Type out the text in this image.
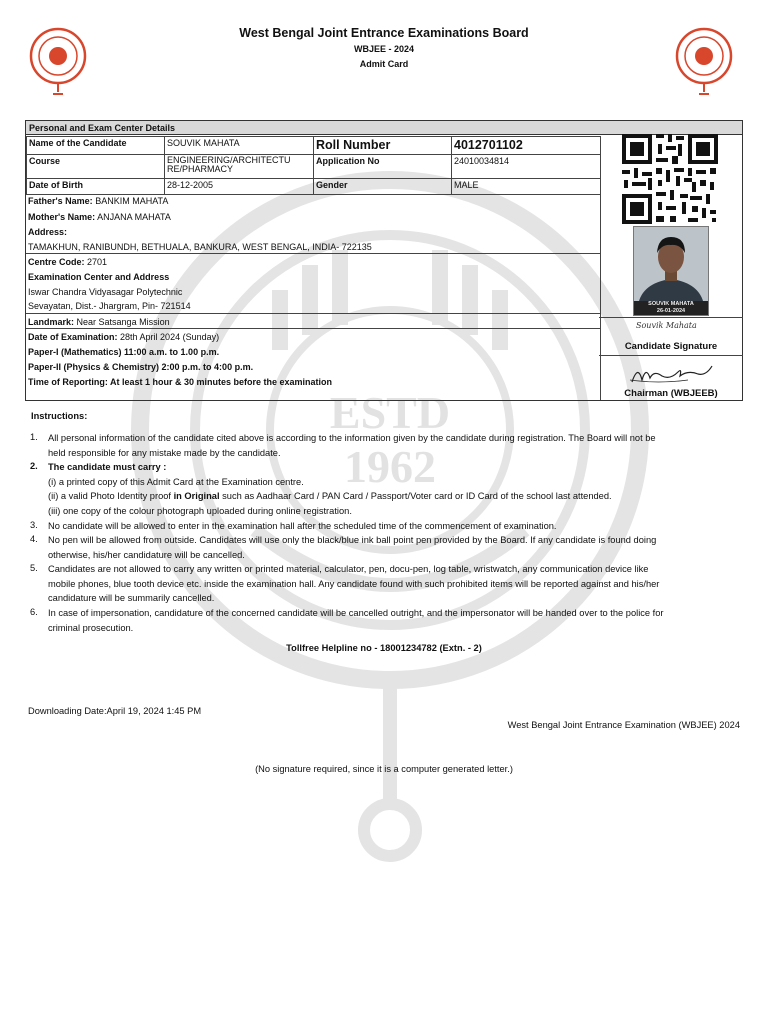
ESTD
1962
West Bengal Joint Entrance Examinations Board
WBJEE - 2024
Admit Card
Personal and Exam Center Details
Name of the Candidate	SOUVIK MAHATA	Roll Number	4012701102
Course	ENGINEERING/ARCHITECTU RE/PHARMACY	Application No	24010034814
Date of Birth	28-12-2005	Gender	MALE
Father's Name: BANKIM MAHATA
Mother's Name: ANJANA MAHATA
Address:
TAMAKHUN, RANIBUNDH, BETHUALA, BANKURA, WEST BENGAL, INDIA- 722135
Centre Code: 2701
Examination Center and Address
Iswar Chandra Vidyasagar Polytechnic
Sevayatan, Dist.- Jhargram, Pin- 721514
Landmark: Near Satsanga Mission
Date of Examination: 28th April 2024 (Sunday)
Paper-I (Mathematics) 11:00 a.m. to 1.00 p.m.
Paper-II (Physics & Chemistry) 2:00 p.m. to 4:00 p.m.
Time of Reporting: At least 1 hour & 30 minutes before the examination
SOUVIK MAHATA
26-01-2024
Souvik Mahata
Candidate Signature
Chairman (WBJEEB)
Instructions:
1. All personal information of the candidate cited above is according to the information given by the candidate during registration. The Board will not be
held responsible for any mistake made by the candidate.
2. The candidate must carry :
(i) a printed copy of this Admit Card at the Examination centre.
(ii) a valid Photo Identity proof in Original such as Aadhaar Card / PAN Card / Passport/Voter card or ID Card of the school last attended.
(iii) one copy of the colour photograph uploaded during online registration.
3. No candidate will be allowed to enter in the examination hall after the scheduled time of the commencement of examination.
4. No pen will be allowed from outside. Candidates will use only the black/blue ink ball point pen provided by the Board. If any candidate is found doing
otherwise, his/her candidature will be cancelled.
5. Candidates are not allowed to carry any written or printed material, calculator, pen, docu-pen, log table, wristwatch, any communication device like
mobile phones, blue tooth device etc. inside the examination hall. Any candidate found with such prohibited items will be reported against and his/her
candidature will be summarily cancelled.
6. In case of impersonation, candidature of the concerned candidate will be cancelled outright, and the impersonator will be handed over to the police for
criminal prosecution.
Tollfree Helpline no - 18001234782 (Extn. - 2)
Downloading Date:April 19, 2024 1:45 PM
West Bengal Joint Entrance Examination (WBJEE) 2024
(No signature required, since it is a computer generated letter.)
